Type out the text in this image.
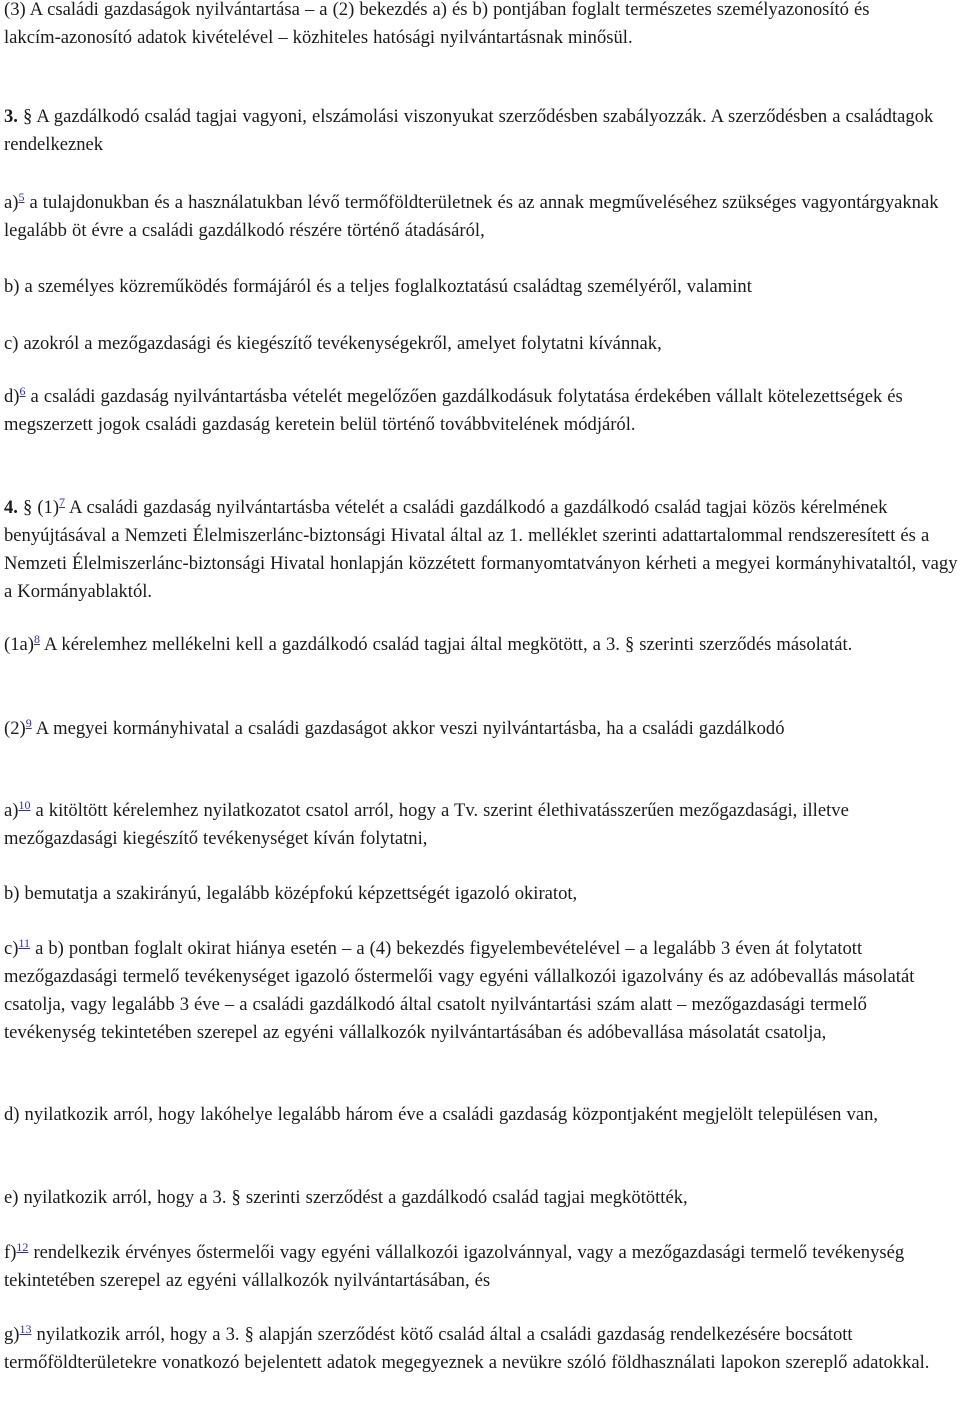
(3) A családi gazdaságok nyilvántartása – a (2) bekezdés a) és b) pontjában foglalt természetes személyazonosító és lakcím-azonosító adatok kivételével – közhiteles hatósági nyilvántartásnak minősül.

3. § A gazdálkodó család tagjai vagyoni, elszámolási viszonyukat szerződésben szabályozzák. A szerződésben a családtagok rendelkeznek

a)$^5$ a tulajdonukban és a használatukban lévő termőföldterületnek és az annak megműveléséhez szükséges vagyontárgyaknak legalább öt évre a családi gazdálkodó részére történő átadásáról,

b) a személyes közreműködés formájáról és a teljes foglalkoztatású családtag személyéről, valamint

c) azokról a mezőgazdasági és kiegészítő tevékenységekről, amelyet folytatni kívánnak,

d)$^6$ a családi gazdaság nyilvántartásba vételét megelőzően gazdálkodásuk folytatása érdekében vállalt kötelezettségek és megszerzett jogok családi gazdaság keretein belül történő továbbvitelének módjáról.

4. § (1)$^7$ A családi gazdaság nyilvántartásba vételét a családi gazdálkodó a gazdálkodó család tagjai közös kérelmének benyújtásával a Nemzeti Élelmiszerlánc-biztonsági Hivatal által az 1. melléklet szerinti adattartalommal rendszeresített és a Nemzeti Élelmiszerlánc-biztonsági Hivatal honlapján közzétett formanyomtatványon kérheti a megyei kormányhivataltól, vagy a Kormányablaktól.

(1a)$^8$ A kérelemhez mellékelni kell a gazdálkodó család tagjai által megkötött, a 3. § szerinti szerződés másolatát.

(2)$^9$ A megyei kormányhivatal a családi gazdaságot akkor veszi nyilvántartásba, ha a családi gazdálkodó

a)$^{10}$ a kitöltött kérelemhez nyilatkozatot csatol arról, hogy a Tv. szerint élethivatásszerűen mezőgazdasági, illetve mezőgazdasági kiegészítő tevékenységet kíván folytatni,

b) bemutatja a szakirányú, legalább középfokú képzettségét igazoló okiratot,

c)$^{11}$ a b) pontban foglalt okirat hiánya esetén – a (4) bekezdés figyelembevételével – a legalább 3 éven át folytatott mezőgazdasági termelő tevékenységet igazoló őstermelői vagy egyéni vállalkozói igazolvány és az adóbevallás másolatát csatolja, vagy legalább 3 éve – a családi gazdálkodó által csatolt nyilvántartási szám alatt – mezőgazdasági termelő tevékenység tekintetében szerepel az egyéni vállalkozók nyilvántartásában és adóbevallása másolatát csatolja,

d) nyilatkozik arról, hogy lakóhelye legalább három éve a családi gazdaság központjaként megjelölt településen van,

e) nyilatkozik arról, hogy a 3. § szerinti szerződést a gazdálkodó család tagjai megkötötték,

f)$^{12}$ rendelkezik érvényes őstermelői vagy egyéni vállalkozói igazolvánnyal, vagy a mezőgazdasági termelő tevékenység tekintetében szerepel az egyéni vállalkozók nyilvántartásában, és

g)$^{13}$ nyilatkozik arról, hogy a 3. § alapján szerződést kötő család által a családi gazdaság rendelkezésére bocsátott termőföldterületekre vonatkozó bejelentett adatok megegyeznek a nevükre szóló földhasználati lapokon szereplő adatokkal.
